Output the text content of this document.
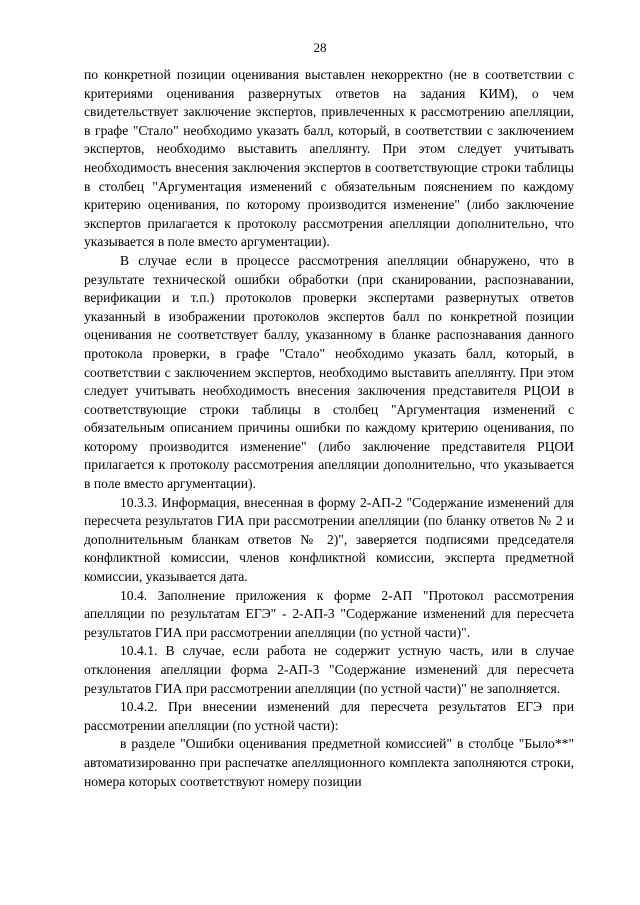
28

по конкретной позиции оценивания выставлен некорректно (не в соответствии с критериями оценивания развернутых ответов на задания КИМ), о чем свидетельствует заключение экспертов, привлеченных к рассмотрению апелляции, в графе "Стало" необходимо указать балл, который, в соответствии с заключением экспертов, необходимо выставить апеллянту. При этом следует учитывать необходимость внесения заключения экспертов в соответствующие строки таблицы в столбец "Аргументация изменений с обязательным пояснением по каждому критерию оценивания, по которому производится изменение" (либо заключение экспертов прилагается к протоколу рассмотрения апелляции дополнительно, что указывается в поле вместо аргументации).

В случае если в процессе рассмотрения апелляции обнаружено, что в результате технической ошибки обработки (при сканировании, распознавании, верификации и т.п.) протоколов проверки экспертами развернутых ответов указанный в изображении протоколов экспертов балл по конкретной позиции оценивания не соответствует баллу, указанному в бланке распознавания данного протокола проверки, в графе "Стало" необходимо указать балл, который, в соответствии с заключением экспертов, необходимо выставить апеллянту. При этом следует учитывать необходимость внесения заключения представителя РЦОИ в соответствующие строки таблицы в столбец "Аргументация изменений с обязательным описанием причины ошибки по каждому критерию оценивания, по которому производится изменение" (либо заключение представителя РЦОИ прилагается к протоколу рассмотрения апелляции дополнительно, что указывается в поле вместо аргументации).

10.3.3. Информация, внесенная в форму 2-АП-2 "Содержание изменений для пересчета результатов ГИА при рассмотрении апелляции (по бланку ответов № 2 и дополнительным бланкам ответов № 2)", заверяется подписями председателя конфликтной комиссии, членов конфликтной комиссии, эксперта предметной комиссии, указывается дата.

10.4. Заполнение приложения к форме 2-АП "Протокол рассмотрения апелляции по результатам ЕГЭ" - 2-АП-3 "Содержание изменений для пересчета результатов ГИА при рассмотрении апелляции (по устной части)".

10.4.1. В случае, если работа не содержит устную часть, или в случае отклонения апелляции форма 2-АП-3 "Содержание изменений для пересчета результатов ГИА при рассмотрении апелляции (по устной части)" не заполняется.

10.4.2. При внесении изменений для пересчета результатов ЕГЭ при рассмотрении апелляции (по устной части):

в разделе "Ошибки оценивания предметной комиссией" в столбце "Было**" автоматизированно при распечатке апелляционного комплекта заполняются строки, номера которых соответствуют номеру позиции
